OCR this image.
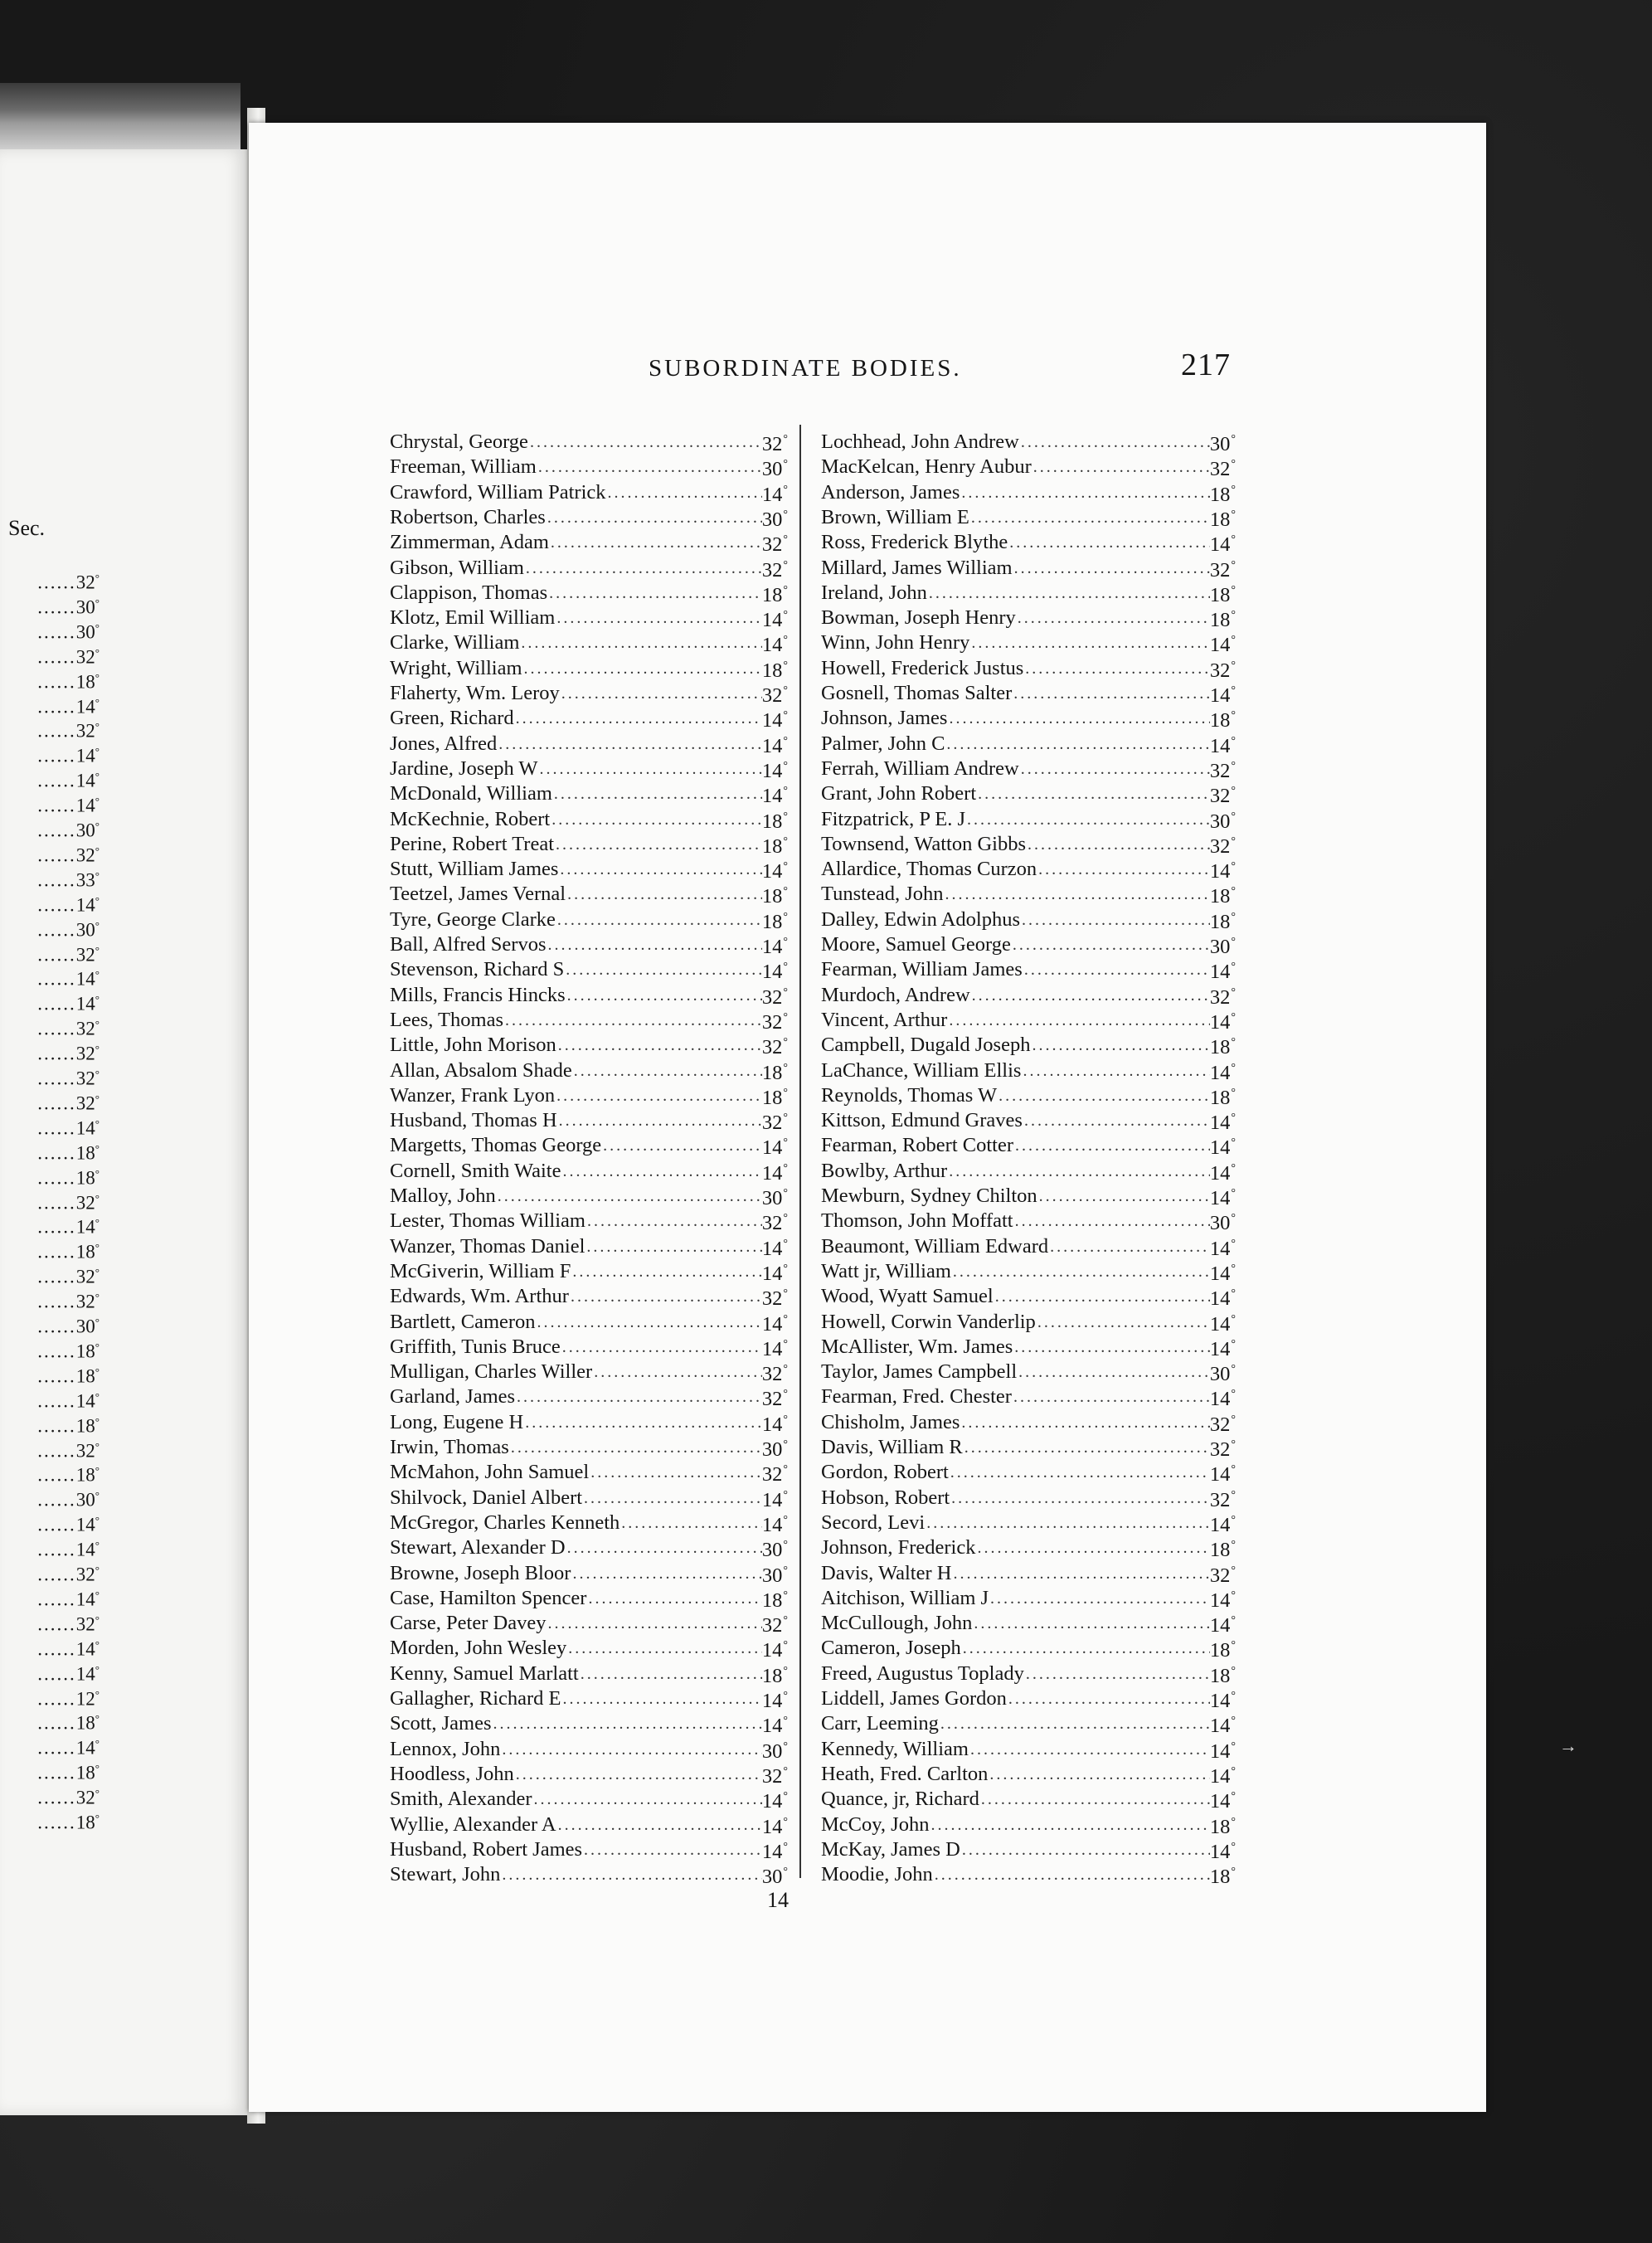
Sec.
......32°
......30°
......30°
......32°
......18°
......14°
......32°
......14°
......14°
......14°
......30°
......32°
......33°
......14°
......30°
......32°
......14°
......14°
......32°
......32°
......32°
......32°
......14°
......18°
......18°
......32°
......14°
......18°
......32°
......32°
......30°
......18°
......18°
......14°
......18°
......32°
......18°
......30°
......14°
......14°
......32°
......14°
......32°
......14°
......14°
......12°
......18°
......14°
......18°
......32°
......18°
SUBORDINATE BODIES.	217
Chrystal, George .....	32°
Freeman, William .....	30°
Crawford, William Patrick .....	14°
Robertson, Charles .....	30°
Zimmerman, Adam .....	32°
Gibson, William .....	32°
Clappison, Thomas .....	18°
Klotz, Emil William .....	14°
Clarke, William .....	14°
Wright, William .....	18°
Flaherty, Wm. Leroy .....	32°
Green, Richard .....	14°
Jones, Alfred .....	14°
Jardine, Joseph W .....	14°
McDonald, William .....	14°
McKechnie, Robert .....	18°
Perine, Robert Treat .....	18°
Stutt, William James .....	14°
Teetzel, James Vernal .....	18°
Tyre, George Clarke .....	18°
Ball, Alfred Servos .....	14°
Stevenson, Richard S .....	14°
Mills, Francis Hincks .....	32°
Lees, Thomas .....	32°
Little, John Morison .....	32°
Allan, Absalom Shade .....	18°
Wanzer, Frank Lyon .....	18°
Husband, Thomas H .....	32°
Margetts, Thomas George .....	14°
Cornell, Smith Waite .....	14°
Malloy, John .....	30°
Lester, Thomas William .....	32°
Wanzer, Thomas Daniel .....	14°
McGiverin, William F .....	14°
Edwards, Wm. Arthur .....	32°
Bartlett, Cameron .....	14°
Griffith, Tunis Bruce .....	14°
Mulligan, Charles Willer .....	32°
Garland, James .....	32°
Long, Eugene H .....	14°
Irwin, Thomas .....	30°
McMahon, John Samuel .....	32°
Shilvock, Daniel Albert .....	14°
McGregor, Charles Kenneth .....	14°
Stewart, Alexander D .....	30°
Browne, Joseph Bloor .....	30°
Case, Hamilton Spencer .....	18°
Carse, Peter Davey .....	32°
Morden, John Wesley .....	14°
Kenny, Samuel Marlatt .....	18°
Gallagher, Richard E .....	14°
Scott, James .....	14°
Lennox, John .....	30°
Hoodless, John .....	32°
Smith, Alexander .....	14°
Wyllie, Alexander A .....	14°
Husband, Robert James .....	14°
Stewart, John .....	30°
Lochhead, John Andrew .....	30°
MacKelcan, Henry Aubur .....	32°
Anderson, James .....	18°
Brown, William E .....	18°
Ross, Frederick Blythe .....	14°
Millard, James William .....	32°
Ireland, John .....	18°
Bowman, Joseph Henry .....	18°
Winn, John Henry .....	14°
Howell, Frederick Justus .....	32°
Gosnell, Thomas Salter .....	14°
Johnson, James .....	18°
Palmer, John C .....	14°
Ferrah, William Andrew .....	32°
Grant, John Robert .....	32°
Fitzpatrick, P E. J .....	30°
Townsend, Watton Gibbs .....	32°
Allardice, Thomas Curzon .....	14°
Tunstead, John .....	18°
Dalley, Edwin Adolphus .....	18°
Moore, Samuel George .....	30°
Fearman, William James .....	14°
Murdoch, Andrew .....	32°
Vincent, Arthur .....	14°
Campbell, Dugald Joseph .....	18°
LaChance, William Ellis .....	14°
Reynolds, Thomas W .....	18°
Kittson, Edmund Graves .....	14°
Fearman, Robert Cotter .....	14°
Bowlby, Arthur .....	14°
Mewburn, Sydney Chilton .....	14°
Thomson, John Moffatt .....	30°
Beaumont, William Edward .....	14°
Watt jr, William .....	14°
Wood, Wyatt Samuel .....	14°
Howell, Corwin Vanderlip .....	14°
McAllister, Wm. James .....	14°
Taylor, James Campbell .....	30°
Fearman, Fred. Chester .....	14°
Chisholm, James .....	32°
Davis, William R .....	32°
Gordon, Robert .....	14°
Hobson, Robert .....	32°
Secord, Levi .....	14°
Johnson, Frederick .....	18°
Davis, Walter H .....	32°
Aitchison, William J .....	14°
McCullough, John .....	14°
Cameron, Joseph .....	18°
Freed, Augustus Toplady .....	18°
Liddell, James Gordon .....	14°
Carr, Leeming .....	14°
Kennedy, William .....	14°
Heath, Fred. Carlton .....	14°
Quance, jr, Richard .....	14°
McCoy, John .....	18°
McKay, James D .....	14°
Moodie, John .....	18°
14
→
